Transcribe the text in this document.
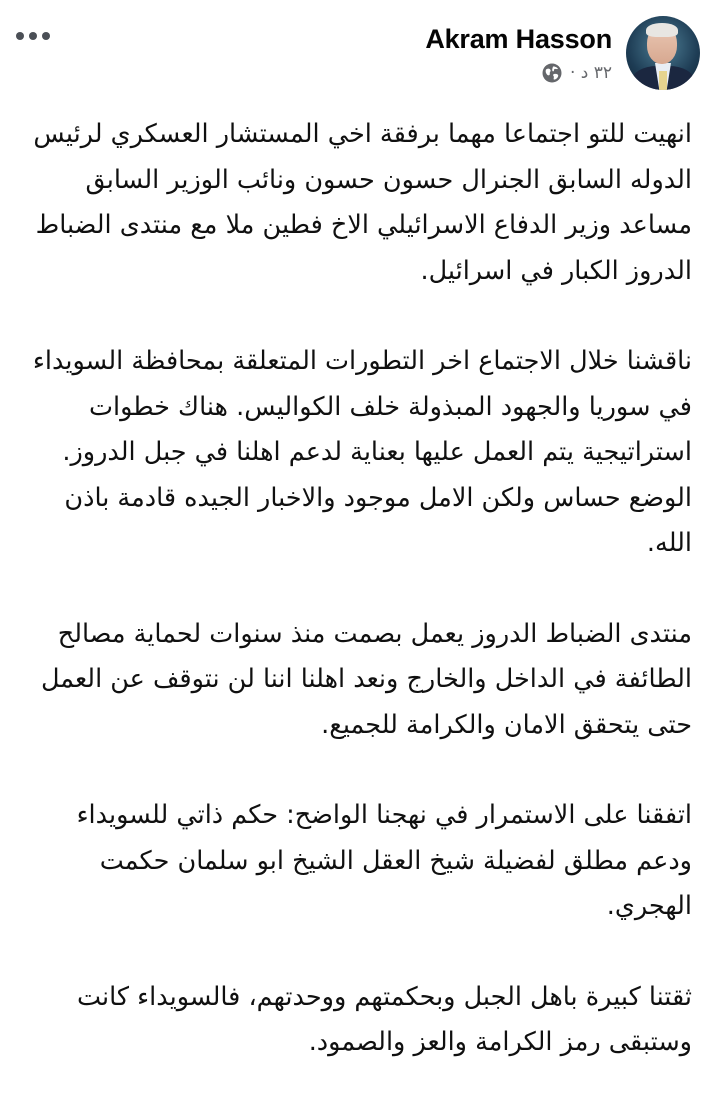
Akram Hasson
٣٢ د ·

انهيت للتو اجتماعا مهما برفقة اخي المستشار العسكري لرئيس الدوله السابق الجنرال حسون حسون ونائب الوزير السابق مساعد وزير الدفاع الاسرائيلي الاخ فطين ملا مع منتدى الضباط الدروز الكبار في اسرائيل.

ناقشنا خلال الاجتماع اخر التطورات المتعلقة بمحافظة السويداء في سوريا والجهود المبذولة خلف الكواليس. هناك خطوات استراتيجية يتم العمل عليها بعناية لدعم اهلنا في جبل الدروز. الوضع حساس ولكن الامل موجود والاخبار الجيده قادمة باذن الله.

منتدى الضباط الدروز يعمل بصمت منذ سنوات لحماية مصالح الطائفة في الداخل والخارج ونعد اهلنا اننا لن نتوقف عن العمل حتى يتحقق الامان والكرامة للجميع.

اتفقنا على الاستمرار في نهجنا الواضح: حكم ذاتي للسويداء ودعم مطلق لفضيلة شيخ العقل الشيخ ابو سلمان حكمت الهجري.

ثقتنا كبيرة باهل الجبل وبحكمتهم ووحدتهم، فالسويداء كانت وستبقى رمز الكرامة والعز والصمود.
